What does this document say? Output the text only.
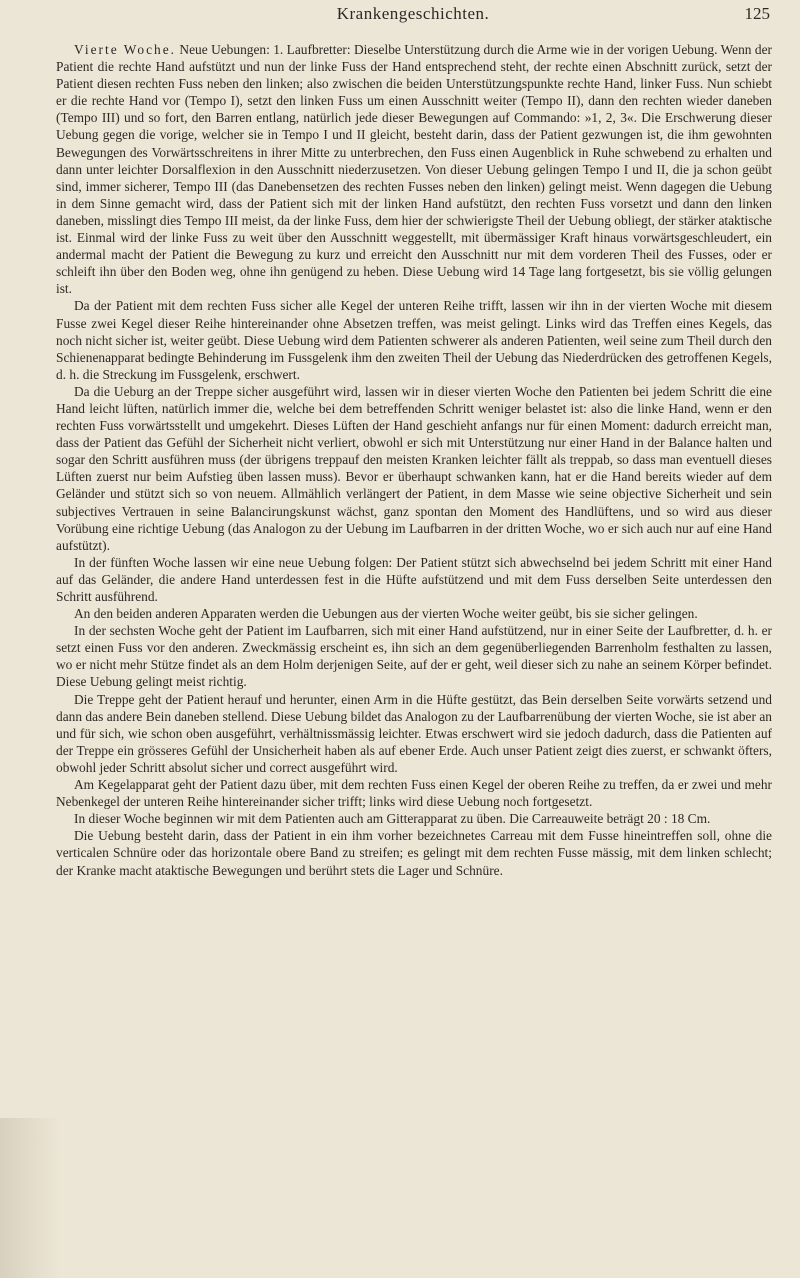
Krankengeschichten.	125

Vierte Woche. Neue Uebungen: 1. Laufbretter: Dieselbe Unterstützung durch die Arme wie in der vorigen Uebung. Wenn der Patient die rechte Hand aufstützt und nun der linke Fuss der Hand entsprechend steht, der rechte einen Abschnitt zurück, setzt der Patient diesen rechten Fuss neben den linken; also zwischen die beiden Unterstützungspunkte rechte Hand, linker Fuss. Nun schiebt er die rechte Hand vor (Tempo I), setzt den linken Fuss um einen Ausschnitt weiter (Tempo II), dann den rechten wieder daneben (Tempo III) und so fort, den Barren entlang, natürlich jede dieser Bewegungen auf Commando: »1, 2, 3«. Die Erschwerung dieser Uebung gegen die vorige, welcher sie in Tempo I und II gleicht, besteht darin, dass der Patient gezwungen ist, die ihm gewohnten Bewegungen des Vorwärtsschreitens in ihrer Mitte zu unterbrechen, den Fuss einen Augenblick in Ruhe schwebend zu erhalten und dann unter leichter Dorsalflexion in den Ausschnitt niederzusetzen. Von dieser Uebung gelingen Tempo I und II, die ja schon geübt sind, immer sicherer, Tempo III (das Danebensetzen des rechten Fusses neben den linken) gelingt meist. Wenn dagegen die Uebung in dem Sinne gemacht wird, dass der Patient sich mit der linken Hand aufstützt, den rechten Fuss vorsetzt und dann den linken daneben, misslingt dies Tempo III meist, da der linke Fuss, dem hier der schwierigste Theil der Uebung obliegt, der stärker ataktische ist. Einmal wird der linke Fuss zu weit über den Ausschnitt weggestellt, mit übermässiger Kraft hinaus vorwärtsgeschleudert, ein andermal macht der Patient die Bewegung zu kurz und erreicht den Ausschnitt nur mit dem vorderen Theil des Fusses, oder er schleift ihn über den Boden weg, ohne ihn genügend zu heben. Diese Uebung wird 14 Tage lang fortgesetzt, bis sie völlig gelungen ist.

Da der Patient mit dem rechten Fuss sicher alle Kegel der unteren Reihe trifft, lassen wir ihn in der vierten Woche mit diesem Fusse zwei Kegel dieser Reihe hintereinander ohne Absetzen treffen, was meist gelingt. Links wird das Treffen eines Kegels, das noch nicht sicher ist, weiter geübt. Diese Uebung wird dem Patienten schwerer als anderen Patienten, weil seine zum Theil durch den Schienenapparat bedingte Behinderung im Fussgelenk ihm den zweiten Theil der Uebung das Niederdrücken des getroffenen Kegels, d. h. die Streckung im Fussgelenk, erschwert.

Da die Ueburg an der Treppe sicher ausgeführt wird, lassen wir in dieser vierten Woche den Patienten bei jedem Schritt die eine Hand leicht lüften, natürlich immer die, welche bei dem betreffenden Schritt weniger belastet ist: also die linke Hand, wenn er den rechten Fuss vorwärtsstellt und umgekehrt. Dieses Lüften der Hand geschieht anfangs nur für einen Moment: dadurch erreicht man, dass der Patient das Gefühl der Sicherheit nicht verliert, obwohl er sich mit Unterstützung nur einer Hand in der Balance halten und sogar den Schritt ausführen muss (der übrigens treppauf den meisten Kranken leichter fällt als treppab, so dass man eventuell dieses Lüften zuerst nur beim Aufstieg üben lassen muss). Bevor er überhaupt schwanken kann, hat er die Hand bereits wieder auf dem Geländer und stützt sich so von neuem. Allmählich verlängert der Patient, in dem Masse wie seine objective Sicherheit und sein subjectives Vertrauen in seine Balancirungskunst wächst, ganz spontan den Moment des Handlüftens, und so wird aus dieser Vorübung eine richtige Uebung (das Analogon zu der Uebung im Laufbarren in der dritten Woche, wo er sich auch nur auf eine Hand aufstützt).

In der fünften Woche lassen wir eine neue Uebung folgen: Der Patient stützt sich abwechselnd bei jedem Schritt mit einer Hand auf das Geländer, die andere Hand unterdessen fest in die Hüfte aufstützend und mit dem Fuss derselben Seite unterdessen den Schritt ausführend.

An den beiden anderen Apparaten werden die Uebungen aus der vierten Woche weiter geübt, bis sie sicher gelingen.

In der sechsten Woche geht der Patient im Laufbarren, sich mit einer Hand aufstützend, nur in einer Seite der Laufbretter, d. h. er setzt einen Fuss vor den anderen. Zweckmässig erscheint es, ihn sich an dem gegenüberliegenden Barrenholm festhalten zu lassen, wo er nicht mehr Stütze findet als an dem Holm derjenigen Seite, auf der er geht, weil dieser sich zu nahe an seinem Körper befindet. Diese Uebung gelingt meist richtig.

Die Treppe geht der Patient herauf und herunter, einen Arm in die Hüfte gestützt, das Bein derselben Seite vorwärts setzend und dann das andere Bein daneben stellend. Diese Uebung bildet das Analogon zu der Laufbarrenübung der vierten Woche, sie ist aber an und für sich, wie schon oben ausgeführt, verhältnissmässig leichter. Etwas erschwert wird sie jedoch dadurch, dass die Patienten auf der Treppe ein grösseres Gefühl der Unsicherheit haben als auf ebener Erde. Auch unser Patient zeigt dies zuerst, er schwankt öfters, obwohl jeder Schritt absolut sicher und correct ausgeführt wird.

Am Kegelapparat geht der Patient dazu über, mit dem rechten Fuss einen Kegel der oberen Reihe zu treffen, da er zwei und mehr Nebenkegel der unteren Reihe hintereinander sicher trifft; links wird diese Uebung noch fortgesetzt.

In dieser Woche beginnen wir mit dem Patienten auch am Gitterapparat zu üben. Die Carreauweite beträgt 20 : 18 Cm.

Die Uebung besteht darin, dass der Patient in ein ihm vorher bezeichnetes Carreau mit dem Fusse hineintreffen soll, ohne die verticalen Schnüre oder das horizontale obere Band zu streifen; es gelingt mit dem rechten Fusse mässig, mit dem linken schlecht; der Kranke macht ataktische Bewegungen und berührt stets die Lager und Schnüre.
